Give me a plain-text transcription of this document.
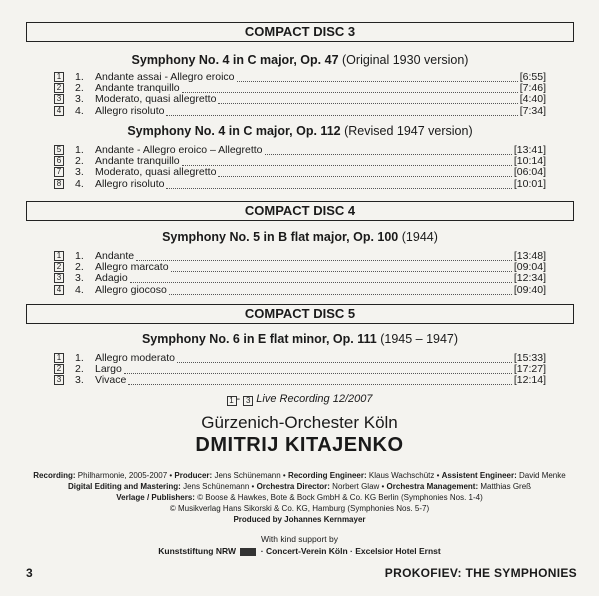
COMPACT DISC 3
Symphony No. 4 in C major, Op. 47 (Original 1930 version)
1 1. Andante assai - Allegro eroico	[6:55]
2 2. Andante tranquillo	[7:46]
3 3. Moderato, quasi allegretto	[4:40]
4 4. Allegro risoluto	[7:34]
Symphony No. 4 in C major, Op. 112 (Revised 1947 version)
5 1. Andante - Allegro eroico – Allegretto	[13:41]
6 2. Andante tranquillo	[10:14]
7 3. Moderato, quasi allegretto	[06:04]
8 4. Allegro risoluto	[10:01]
COMPACT DISC 4
Symphony No. 5 in B flat major, Op. 100 (1944)
1 1. Andante	[13:48]
2 2. Allegro marcato	[09:04]
3 3. Adagio	[12:34]
4 4. Allegro giocoso	[09:40]
COMPACT DISC 5
Symphony No. 6 in E flat minor, Op. 111 (1945 – 1947)
1 1. Allegro moderato	[15:33]
2 2. Largo	[17:27]
3 3. Vivace	[12:14]
1 - 3 Live Recording 12/2007
Gürzenich-Orchester Köln
DMITRIJ KITAJENKO
Recording: Philharmonie, 2005-2007 • Producer: Jens Schünemann • Recording Engineer: Klaus Wachschütz • Assistent Engineer: David Menke
Digital Editing and Mastering: Jens Schünemann • Orchestra Director: Norbert Glaw • Orchestra Management: Matthias Greß
Verlage / Publishers: © Boose & Hawkes, Bote & Bock GmbH & Co. KG Berlin (Symphonies Nos. 1-4)
© Musikverlag Hans Sikorski & Co. KG, Hamburg (Symphonies Nos. 5-7)
Produced by Johannes Kernmayer
With kind support by
Kunststiftung NRW	· Concert-Verein Köln · Excelsior Hotel Ernst
3	PROKOFIEV: THE SYMPHONIES
